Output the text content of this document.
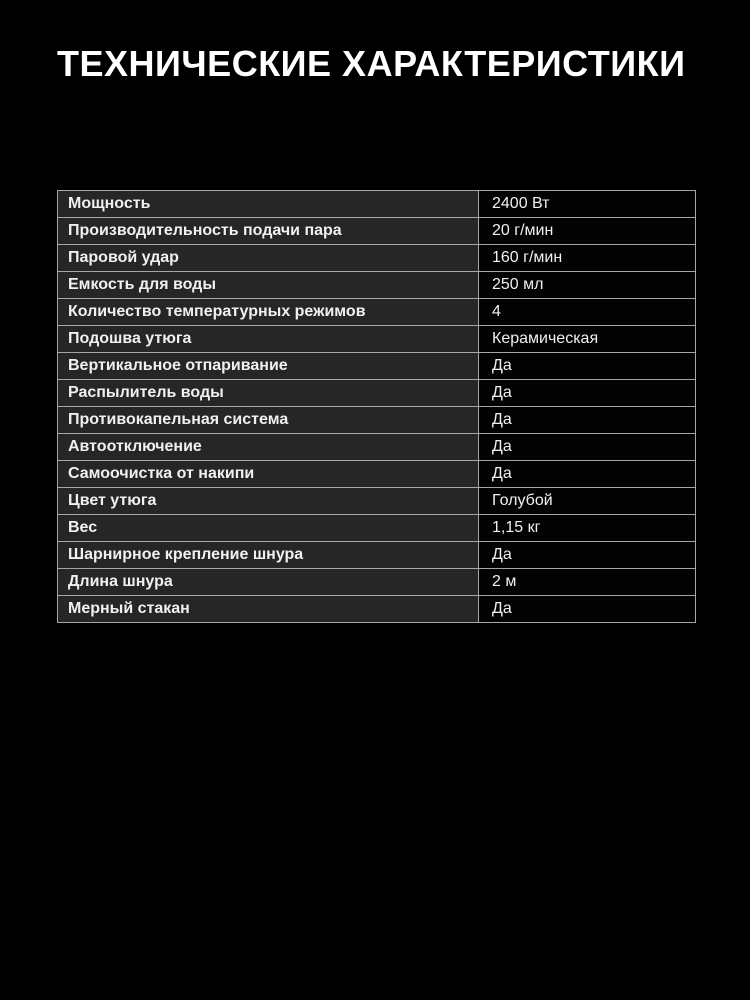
ТЕХНИЧЕСКИЕ ХАРАКТЕРИСТИКИ
Мощность	2400 Вт
Производительность подачи пара	20 г/мин
Паровой удар	160 г/мин
Емкость для воды	250 мл
Количество температурных режимов	4
Подошва утюга	Керамическая
Вертикальное отпаривание	Да
Распылитель воды	Да
Противокапельная система	Да
Автоотключение	Да
Самоочистка от накипи	Да
Цвет утюга	Голубой
Вес	1,15 кг
Шарнирное крепление шнура	Да
Длина шнура	2 м
Мерный стакан	Да
